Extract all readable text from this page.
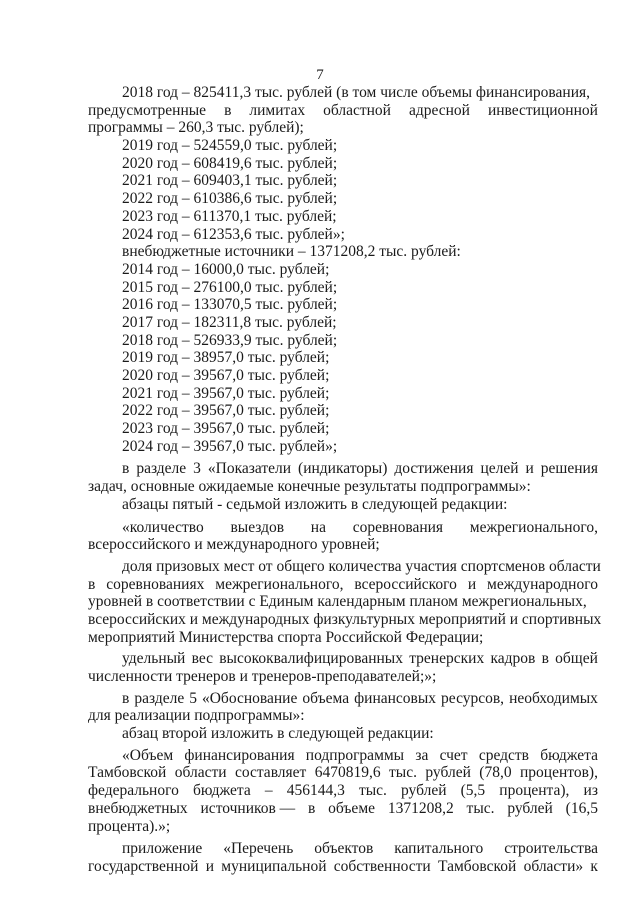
7
2018 год – 825411,3 тыс. рублей (в том числе объемы финансирования,
предусмотренные в лимитах областной адресной инвестиционной
программы – 260,3 тыс. рублей);
2019 год – 524559,0 тыс. рублей;
2020 год – 608419,6 тыс. рублей;
2021 год – 609403,1 тыс. рублей;
2022 год – 610386,6 тыс. рублей;
2023 год – 611370,1 тыс. рублей;
2024 год – 612353,6 тыс. рублей»;
внебюджетные источники – 1371208,2 тыс. рублей:
2014 год – 16000,0 тыс. рублей;
2015 год – 276100,0 тыс. рублей;
2016 год – 133070,5 тыс. рублей;
2017 год – 182311,8 тыс. рублей;
2018 год – 526933,9 тыс. рублей;
2019 год – 38957,0 тыс. рублей;
2020 год – 39567,0 тыс. рублей;
2021 год – 39567,0 тыс. рублей;
2022 год – 39567,0 тыс. рублей;
2023 год – 39567,0 тыс. рублей;
2024 год – 39567,0 тыс. рублей»;
в разделе 3 «Показатели (индикаторы) достижения целей и решения
задач, основные ожидаемые конечные результаты подпрограммы»:
абзацы пятый - седьмой изложить в следующей редакции:
«количество выездов на соревнования межрегионального,
всероссийского и международного уровней;
доля призовых мест от общего количества участия спортсменов области
в соревнованиях межрегионального, всероссийского и международного
уровней в соответствии с Единым календарным планом межрегиональных,
всероссийских и международных физкультурных мероприятий и спортивных
мероприятий Министерства спорта Российской Федерации;
удельный вес высококвалифицированных тренерских кадров в общей
численности тренеров и тренеров-преподавателей;»;
в разделе 5 «Обоснование объема финансовых ресурсов, необходимых
для реализации подпрограммы»:
абзац второй изложить в следующей редакции:
«Объем финансирования подпрограммы за счет средств бюджета
Тамбовской области составляет 6470819,6 тыс. рублей (78,0 процентов),
федерального бюджета – 456144,3 тыс. рублей (5,5 процента), из
внебюджетных источников — в объеме 1371208,2 тыс. рублей (16,5
процента).»;
приложение «Перечень объектов капитального строительства
государственной и муниципальной собственности Тамбовской области» к
